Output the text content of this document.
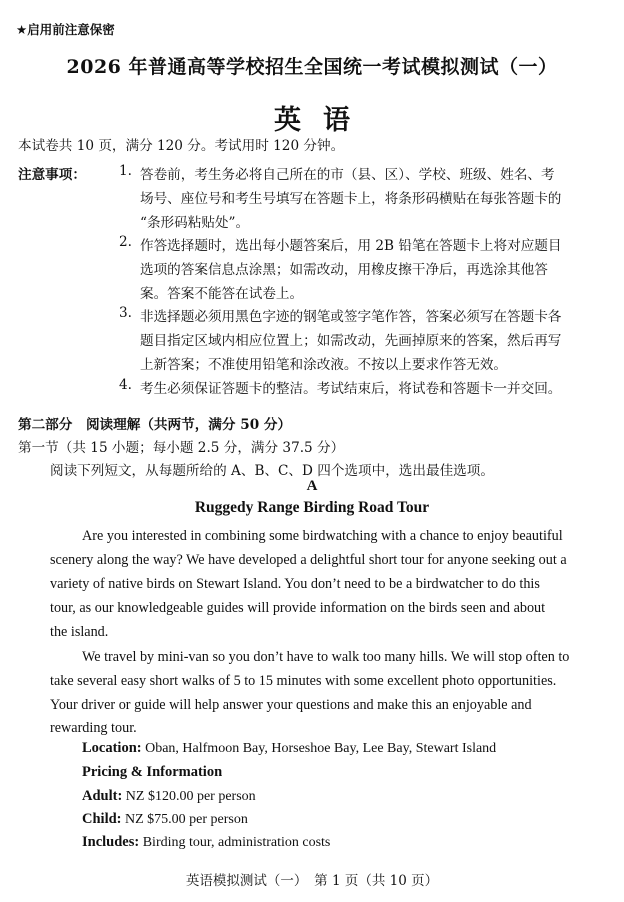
★启用前注意保密
2026 年普通高等学校招生全国统一考试模拟测试（一）
英语
本试卷共 10 页，满分 120 分。考试用时 120 分钟。
注意事项： 1. 答卷前，考生务必将自己所在的市（县、区）、学校、班级、姓名、考
场号、座位号和考生号填写在答题卡上，将条形码横贴在每张答题卡的
“条形码粘贴处”。
2. 作答选择题时，选出每小题答案后，用 2B 铅笔在答题卡上将对应题目
选项的答案信息点涂黑；如需改动，用橡皮擦干净后，再选涂其他答
案。答案不能答在试卷上。
3. 非选择题必须用黑色字迹的钢笔或签字笔作答，答案必须写在答题卡各
题目指定区域内相应位置上；如需改动，先画掉原来的答案，然后再写
上新答案；不准使用铅笔和涂改液。不按以上要求作答无效。
4. 考生必须保证答题卡的整洁。考试结束后，将试卷和答题卡一并交回。
第二部分　阅读理解（共两节，满分 50 分）
第一节（共 15 小题；每小题 2.5 分，满分 37.5 分）
阅读下列短文，从每题所给的 A、B、C、D 四个选项中，选出最佳选项。
A
Ruggedy Range Birding Road Tour
Are you interested in combining some birdwatching with a chance to enjoy beautiful
scenery along the way? We have developed a delightful short tour for anyone seeking out a
variety of native birds on Stewart Island. You don’t need to be a birdwatcher to do this
tour, as our knowledgeable guides will provide information on the birds seen and about
the island.
We travel by mini-van so you don’t have to walk too many hills. We will stop often to
take several easy short walks of 5 to 15 minutes with some excellent photo opportunities.
Your driver or guide will help answer your questions and make this an enjoyable and
rewarding tour.
Location: Oban, Halfmoon Bay, Horseshoe Bay, Lee Bay, Stewart Island
Pricing & Information
Adult: NZ $120.00 per person
Child: NZ $75.00 per person
Includes: Birding tour, administration costs
英语模拟测试（一）　第 1 页（共 10 页）
